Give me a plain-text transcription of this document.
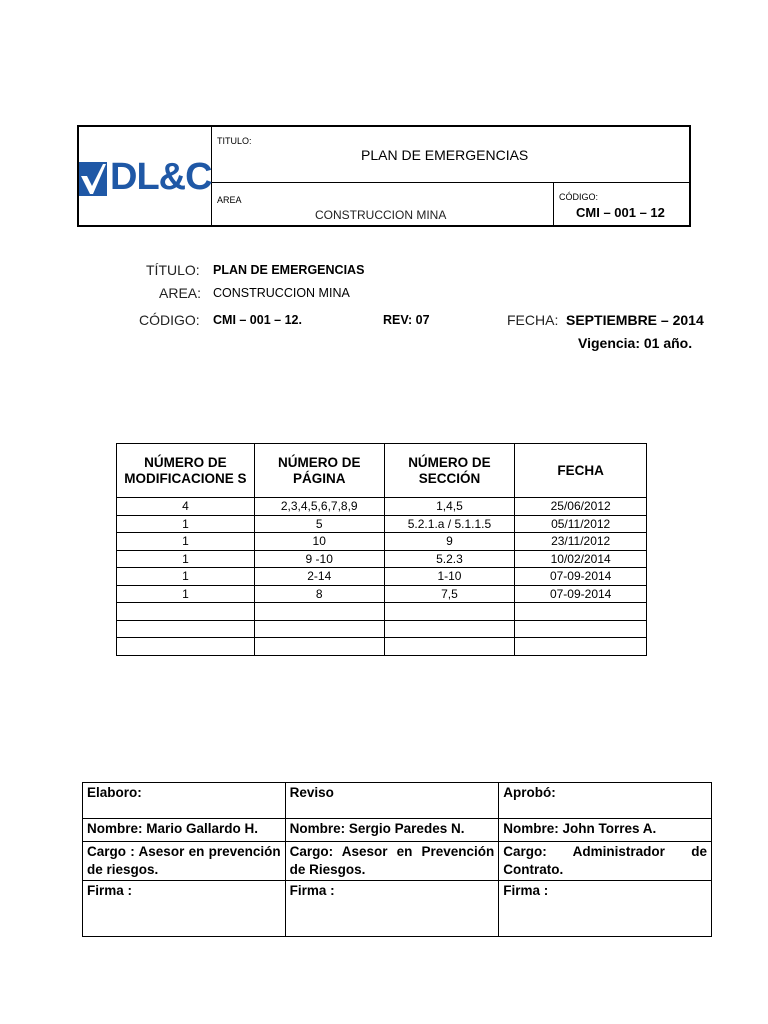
DL&C
TITULO:
PLAN DE EMERGENCIAS
AREA
CONSTRUCCION MINA
CÓDIGO:
CMI – 001 – 12
TÍTULO: PLAN DE EMERGENCIAS
AREA: CONSTRUCCION MINA
CÓDIGO: CMI – 001 – 12.	REV: 07	FECHA: SEPTIEMBRE – 2014
Vigencia: 01 año.
NÚMERO DE MODIFICACIONE S	NÚMERO DE PÁGINA	NÚMERO DE SECCIÓN	FECHA
4	2,3,4,5,6,7,8,9	1,4,5	25/06/2012
1	5	5.2.1.a / 5.1.1.5	05/11/2012
1	10	9	23/11/2012
1	9 -10	5.2.3	10/02/2014
1	2-14	1-10	07-09-2014
1	8	7,5	07-09-2014

Elaboro:	Reviso	Aprobó:
Nombre: Mario Gallardo H.	Nombre: Sergio Paredes N.	Nombre: John Torres A.
Cargo : Asesor en prevención de riesgos.	Cargo: Asesor en Prevención de Riesgos.	Cargo: Administrador de Contrato.
Firma :	Firma :	Firma :
